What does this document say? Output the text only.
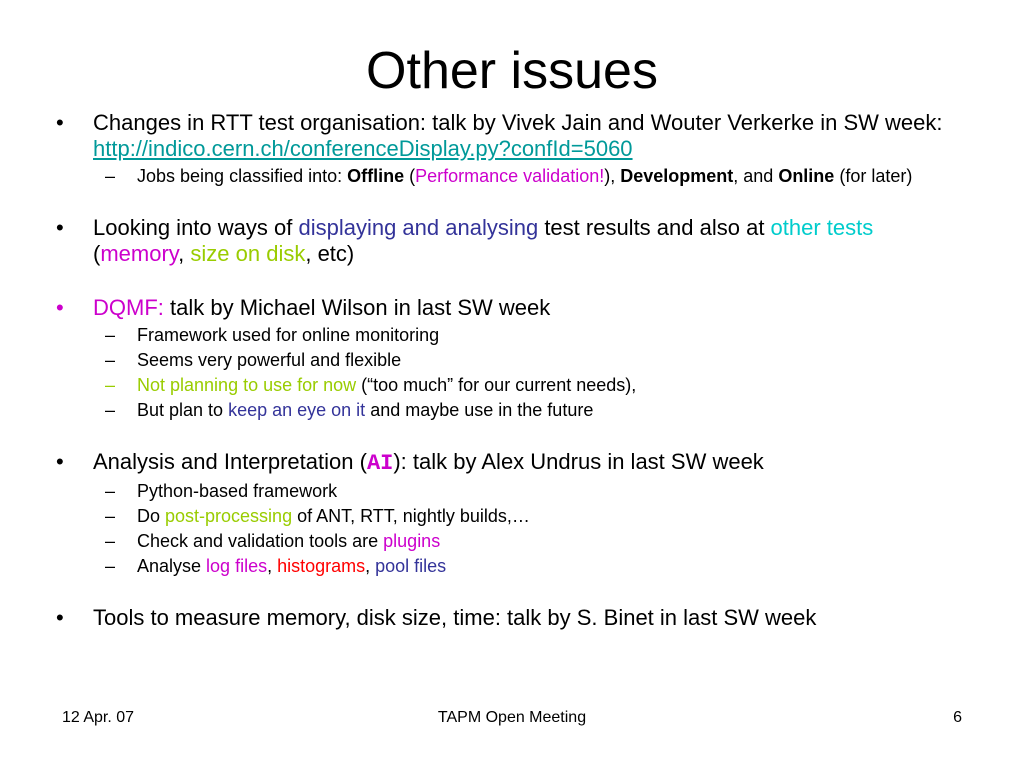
Other issues
• Changes in RTT test organisation: talk by Vivek Jain and Wouter Verkerke in SW week: http://indico.cern.ch/conferenceDisplay.py?confId=5060
– Jobs being classified into: Offline (Performance validation!), Development, and Online (for later)
• Looking into ways of displaying and analysing test results and also at other tests (memory, size on disk, etc)
• DQMF: talk by Michael Wilson in last SW week
– Framework used for online monitoring
– Seems very powerful and flexible
– Not planning to use for now (“too much” for our current needs),
– But plan to keep an eye on it and maybe use in the future
• Analysis and Interpretation (AI): talk by Alex Undrus in last SW week
– Python-based framework
– Do post-processing of ANT, RTT, nightly builds,…
– Check and validation tools are plugins
– Analyse log files, histograms, pool files
• Tools to measure memory, disk size, time: talk by S. Binet in last SW week
12 Apr. 07	TAPM Open Meeting	6
